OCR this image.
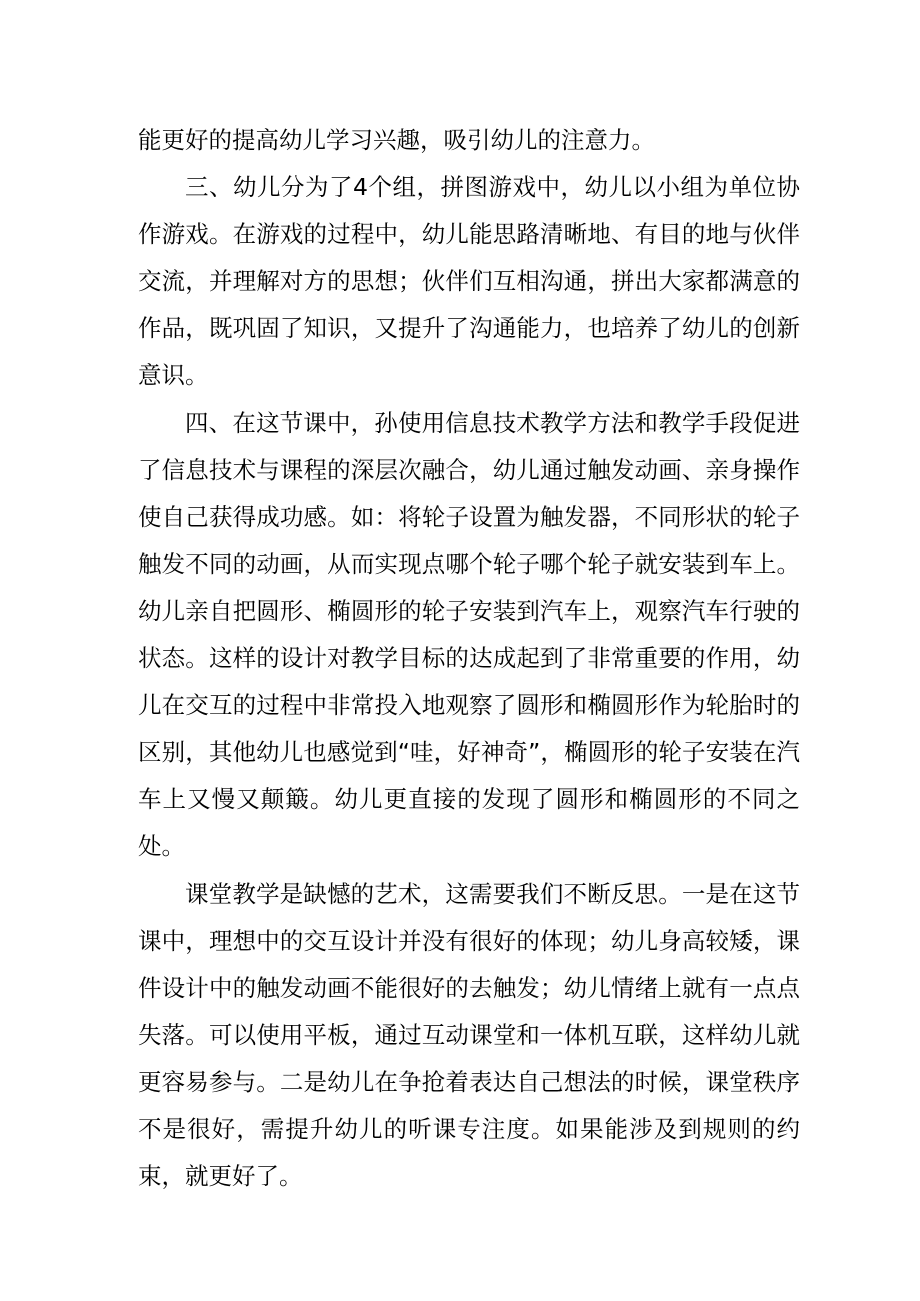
能更好的提高幼儿学习兴趣，吸引幼儿的注意力。

三、幼儿分为了4个组，拼图游戏中，幼儿以小组为单位协作游戏。在游戏的过程中，幼儿能思路清晰地、有目的地与伙伴交流，并理解对方的思想；伙伴们互相沟通，拼出大家都满意的作品，既巩固了知识，又提升了沟通能力，也培养了幼儿的创新意识。

四、在这节课中，孙使用信息技术教学方法和教学手段促进了信息技术与课程的深层次融合，幼儿通过触发动画、亲身操作使自己获得成功感。如：将轮子设置为触发器，不同形状的轮子触发不同的动画，从而实现点哪个轮子哪个轮子就安装到车上。幼儿亲自把圆形、椭圆形的轮子安装到汽车上，观察汽车行驶的状态。这样的设计对教学目标的达成起到了非常重要的作用，幼儿在交互的过程中非常投入地观察了圆形和椭圆形作为轮胎时的区别，其他幼儿也感觉到“哇，好神奇”，椭圆形的轮子安装在汽车上又慢又颠簸。幼儿更直接的发现了圆形和椭圆形的不同之处。

课堂教学是缺憾的艺术，这需要我们不断反思。一是在这节课中，理想中的交互设计并没有很好的体现；幼儿身高较矮，课件设计中的触发动画不能很好的去触发；幼儿情绪上就有一点点失落。可以使用平板，通过互动课堂和一体机互联，这样幼儿就更容易参与。二是幼儿在争抢着表达自己想法的时候，课堂秩序不是很好，需提升幼儿的听课专注度。如果能涉及到规则的约束，就更好了。
